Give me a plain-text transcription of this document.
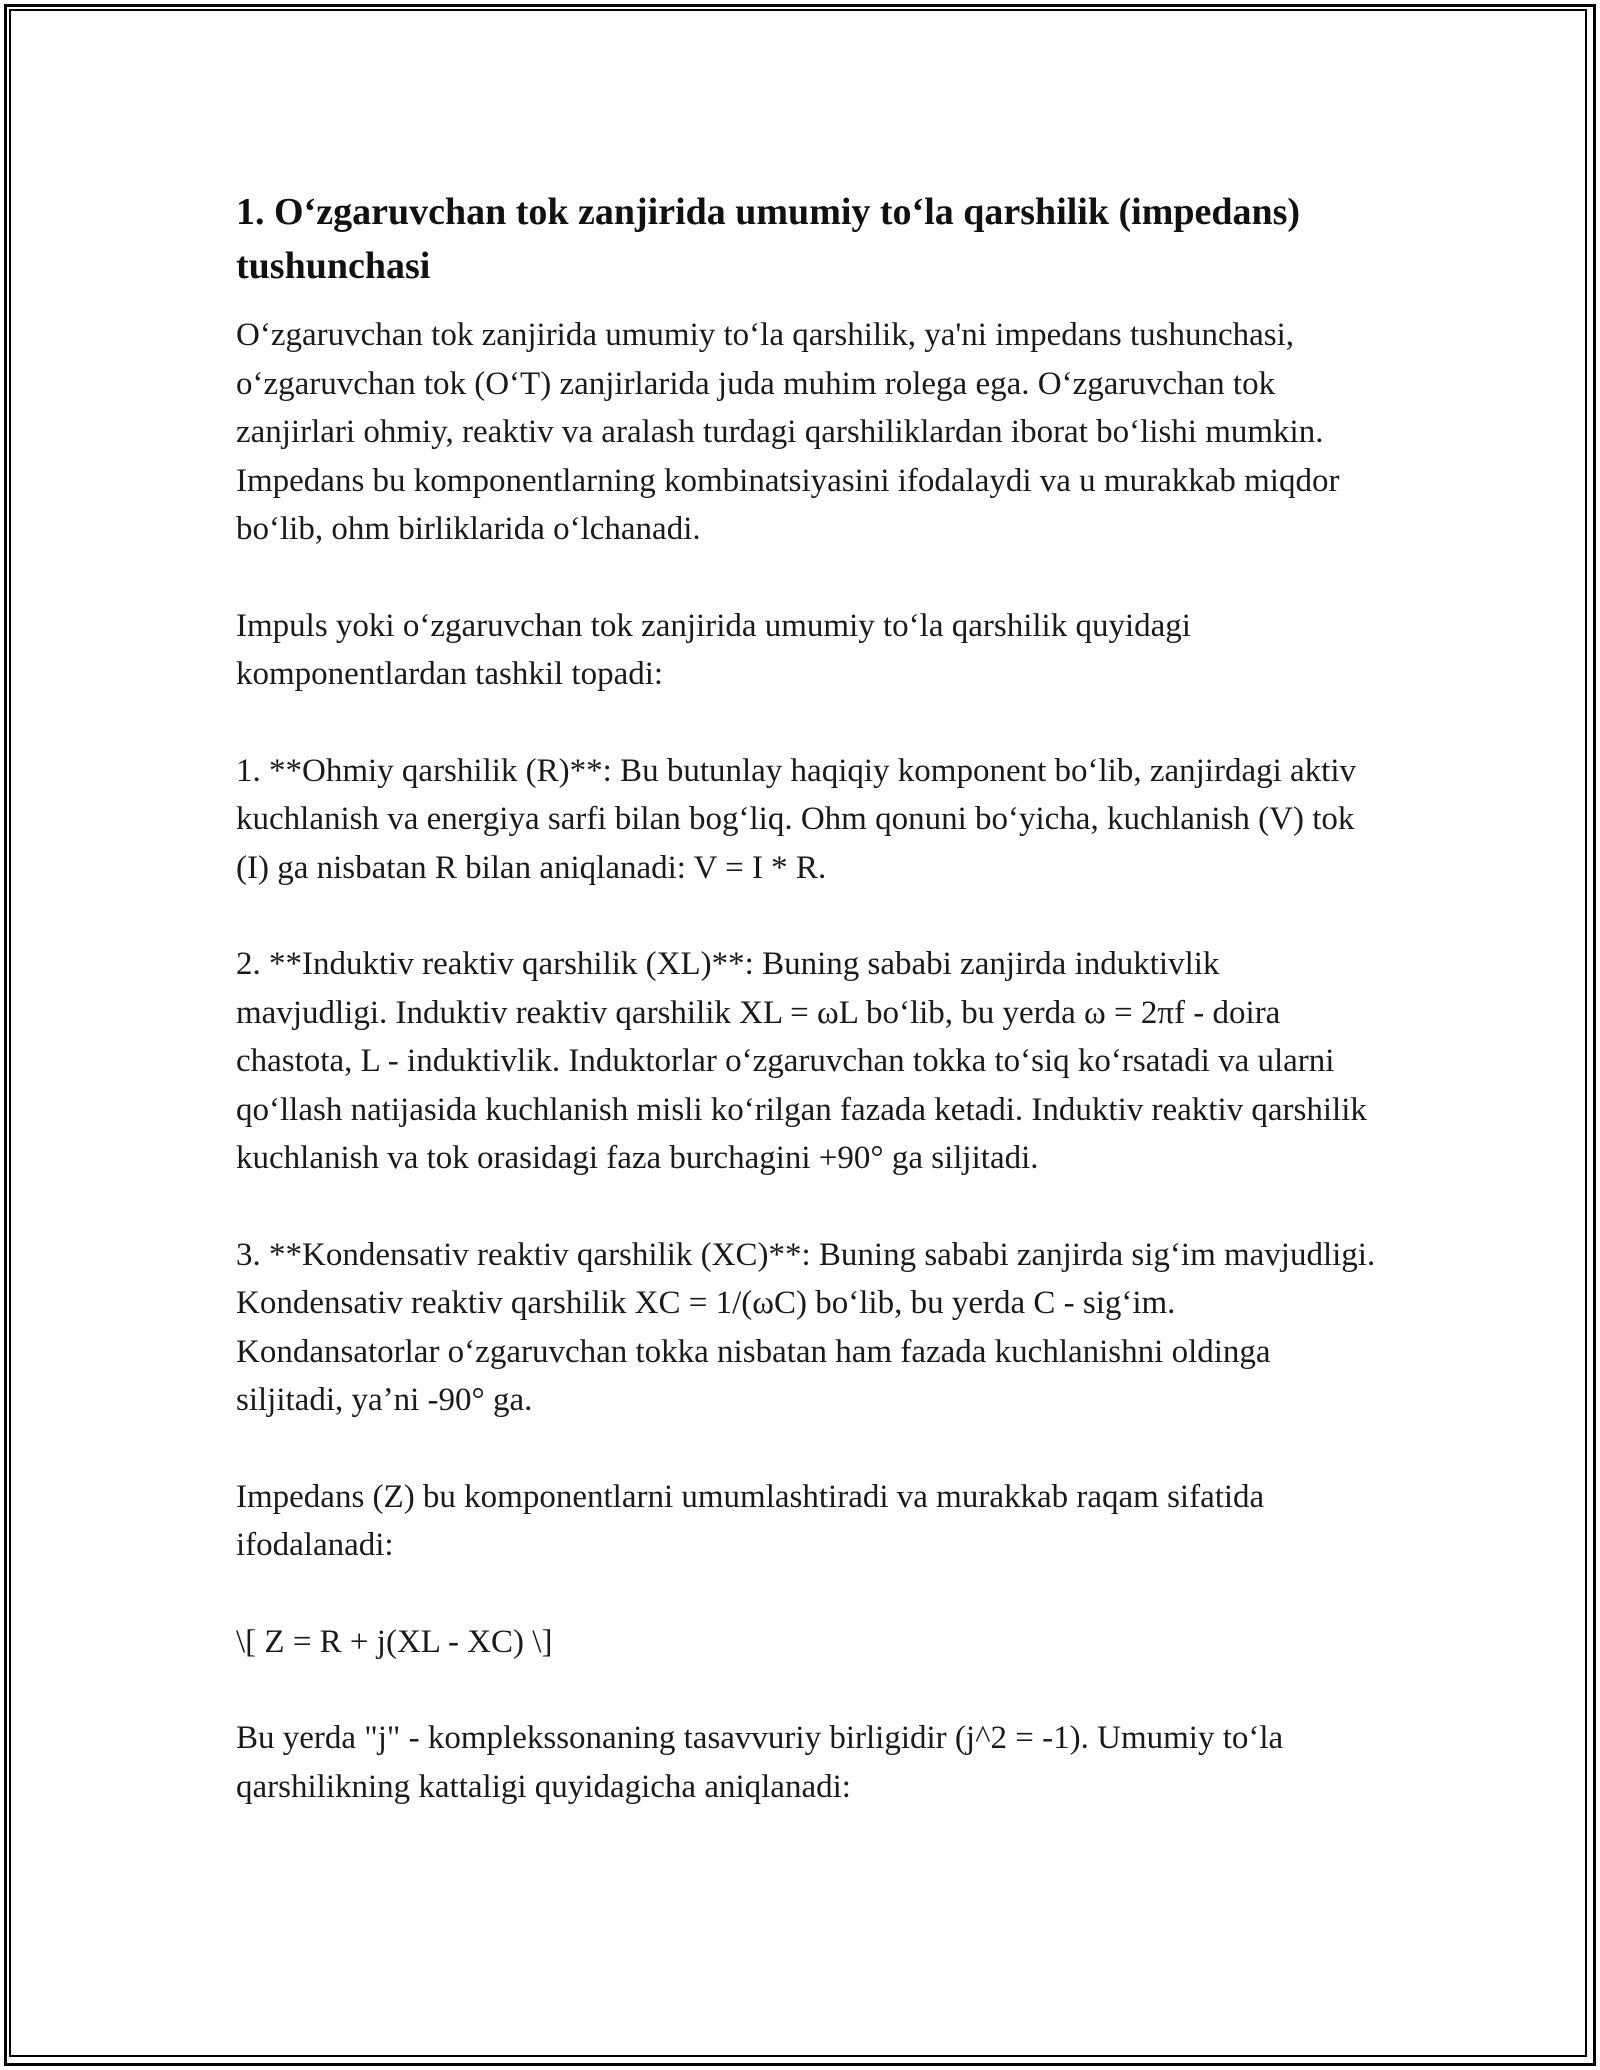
1. Oʻzgaruvchan tok zanjirida umumiy toʻla qarshilik (impedans) tushunchasi

Oʻzgaruvchan tok zanjirida umumiy toʻla qarshilik, ya'ni impedans tushunchasi, oʻzgaruvchan tok (OʻT) zanjirlarida juda muhim rolega ega. Oʻzgaruvchan tok zanjirlari ohmiy, reaktiv va aralash turdagi qarshiliklardan iborat boʻlishi mumkin. Impedans bu komponentlarning kombinatsiyasini ifodalaydi va u murakkab miqdor boʻlib, ohm birliklarida oʻlchanadi.

Impuls yoki oʻzgaruvchan tok zanjirida umumiy toʻla qarshilik quyidagi komponentlardan tashkil topadi:

1. **Ohmiy qarshilik (R)**: Bu butunlay haqiqiy komponent boʻlib, zanjirdagi aktiv kuchlanish va energiya sarfi bilan bogʻliq. Ohm qonuni boʻyicha, kuchlanish (V) tok (I) ga nisbatan R bilan aniqlanadi: V = I * R.

2. **Induktiv reaktiv qarshilik (XL)**: Buning sababi zanjirda induktivlik mavjudligi. Induktiv reaktiv qarshilik XL = ωL boʻlib, bu yerda ω = 2πf - doira chastota, L - induktivlik. Induktorlar oʻzgaruvchan tokka toʻsiq koʻrsatadi va ularni qoʻllash natijasida kuchlanish misli koʻrilgan fazada ketadi. Induktiv reaktiv qarshilik kuchlanish va tok orasidagi faza burchagini +90° ga siljitadi.

3. **Kondensativ reaktiv qarshilik (XC)**: Buning sababi zanjirda sigʻim mavjudligi. Kondensativ reaktiv qarshilik XC = 1/(ωC) boʻlib, bu yerda C - sigʻim. Kondansatorlar oʻzgaruvchan tokka nisbatan ham fazada kuchlanishni oldinga siljitadi, yaʼni -90° ga.

Impedans (Z) bu komponentlarni umumlashtiradi va murakkab raqam sifatida ifodalanadi:

\[ Z = R + j(XL - XC) \]

Bu yerda "j" - komplekssonaning tasavvuriy birligidir (j^2 = -1). Umumiy toʻla qarshilikning kattaligi quyidagicha aniqlanadi:
